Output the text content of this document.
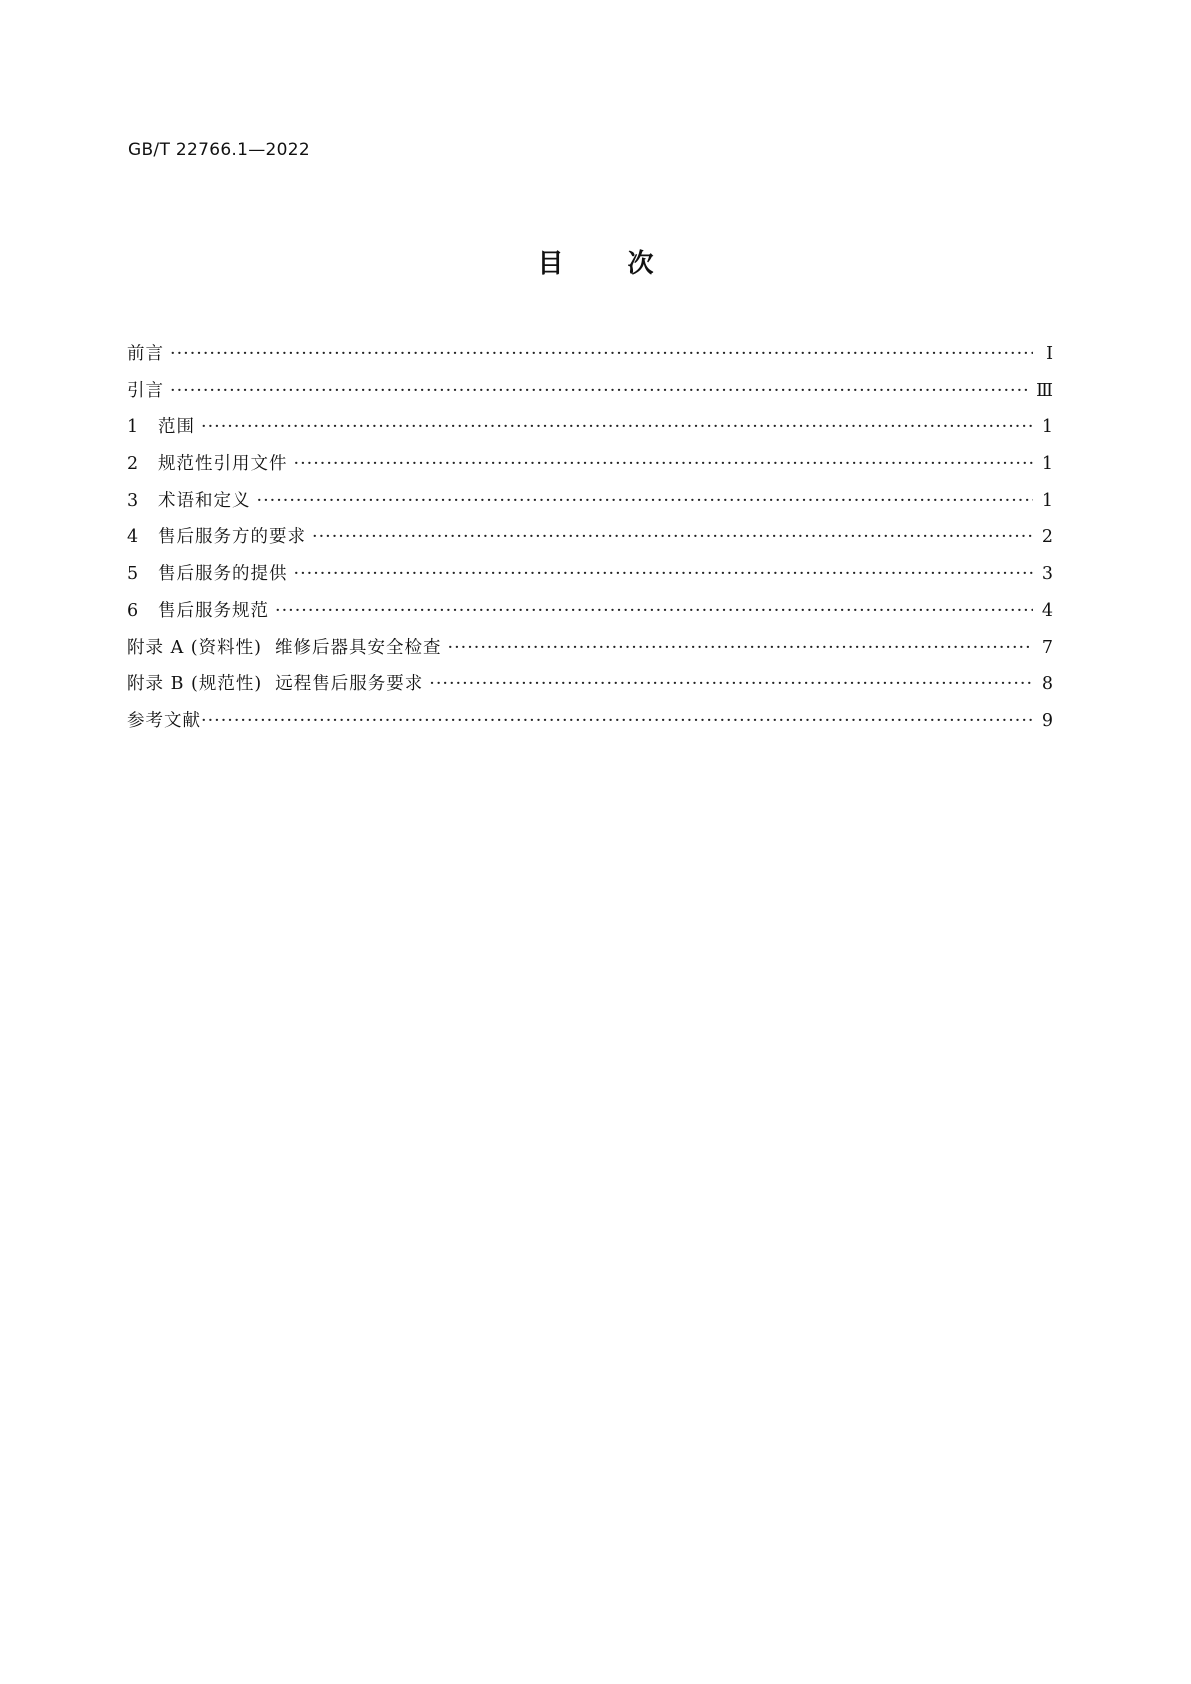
GB/T 22766.1—2022
目 次
前言 ·····	Ⅰ
引言 ·····	Ⅲ
1	范围 ·····	1
2	规范性引用文件 ·····	1
3	术语和定义 ·····	1
4	售后服务方的要求 ·····	2
5	售后服务的提供 ·····	3
6	售后服务规范 ·····	4
附录 A (资料性)  维修后器具安全检查 ·····	7
附录 B (规范性)  远程售后服务要求 ·····	8
参考文献 ·····	9
